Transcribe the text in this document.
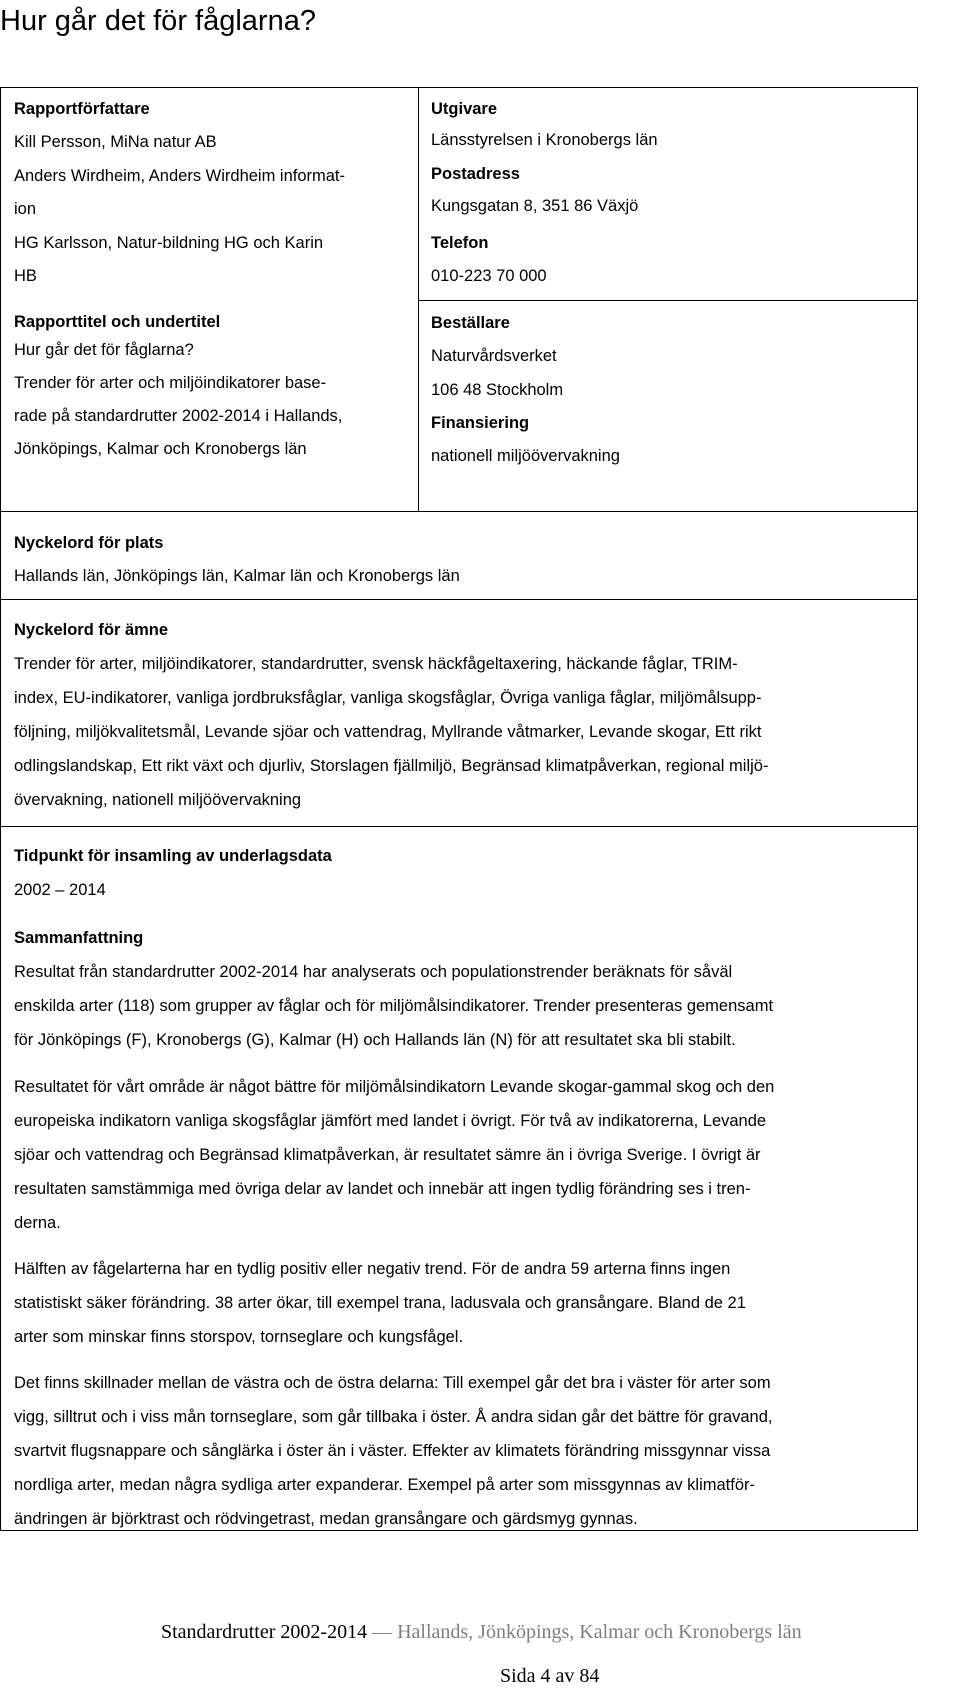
Hur går det för fåglarna?
Rapportförfattare
Kill Persson, MiNa natur AB
Anders Wirdheim, Anders Wirdheim informat-
ion
HG Karlsson, Natur-bildning HG och Karin
HB
Rapporttitel och undertitel
Hur går det för fåglarna?
Trender för arter och miljöindikatorer base-
rade på standardrutter 2002-2014 i Hallands,
Jönköpings, Kalmar och Kronobergs län
Utgivare
Länsstyrelsen i Kronobergs län
Postadress
Kungsgatan 8, 351 86 Växjö
Telefon
010-223 70 000
Beställare
Naturvårdsverket
106 48 Stockholm
Finansiering
nationell miljöövervakning
Nyckelord för plats
Hallands län, Jönköpings län, Kalmar län och Kronobergs län
Nyckelord för ämne
Trender för arter, miljöindikatorer, standardrutter, svensk häckfågeltaxering, häckande fåglar, TRIM-
index, EU-indikatorer, vanliga jordbruksfåglar, vanliga skogsfåglar, Övriga vanliga fåglar, miljömålsupp-
följning, miljökvalitetsmål, Levande sjöar och vattendrag, Myllrande våtmarker, Levande skogar, Ett rikt
odlingslandskap, Ett rikt växt och djurliv, Storslagen fjällmiljö, Begränsad klimatpåverkan, regional miljö-
övervakning, nationell miljöövervakning
Tidpunkt för insamling av underlagsdata
2002 – 2014
Sammanfattning
Resultat från standardrutter 2002-2014 har analyserats och populationstrender beräknats för såväl
enskilda arter (118) som grupper av fåglar och för miljömålsindikatorer. Trender presenteras gemensamt
för Jönköpings (F), Kronobergs (G), Kalmar (H) och Hallands län (N) för att resultatet ska bli stabilt.
Resultatet för vårt område är något bättre för miljömålsindikatorn Levande skogar-gammal skog och den
europeiska indikatorn vanliga skogsfåglar jämfört med landet i övrigt. För två av indikatorerna, Levande
sjöar och vattendrag och Begränsad klimatpåverkan, är resultatet sämre än i övriga Sverige. I övrigt är
resultaten samstämmiga med övriga delar av landet och innebär att ingen tydlig förändring ses i tren-
derna.
Hälften av fågelarterna har en tydlig positiv eller negativ trend. För de andra 59 arterna finns ingen
statistiskt säker förändring. 38 arter ökar, till exempel trana, ladusvala och gransångare. Bland de 21
arter som minskar finns storspov, tornseglare och kungsfågel.
Det finns skillnader mellan de västra och de östra delarna: Till exempel går det bra i väster för arter som
vigg, silltrut och i viss mån tornseglare, som går tillbaka i öster. Å andra sidan går det bättre för gravand,
svartvit flugsnappare och sånglärka i öster än i väster. Effekter av klimatets förändring missgynnar vissa
nordliga arter, medan några sydliga arter expanderar. Exempel på arter som missgynnas av klimatför-
ändringen är björktrast och rödvingetrast, medan gransångare och gärdsmyg gynnas.
Standardrutter 2002-2014 — Hallands, Jönköpings, Kalmar och Kronobergs län
Sida 4 av 84
